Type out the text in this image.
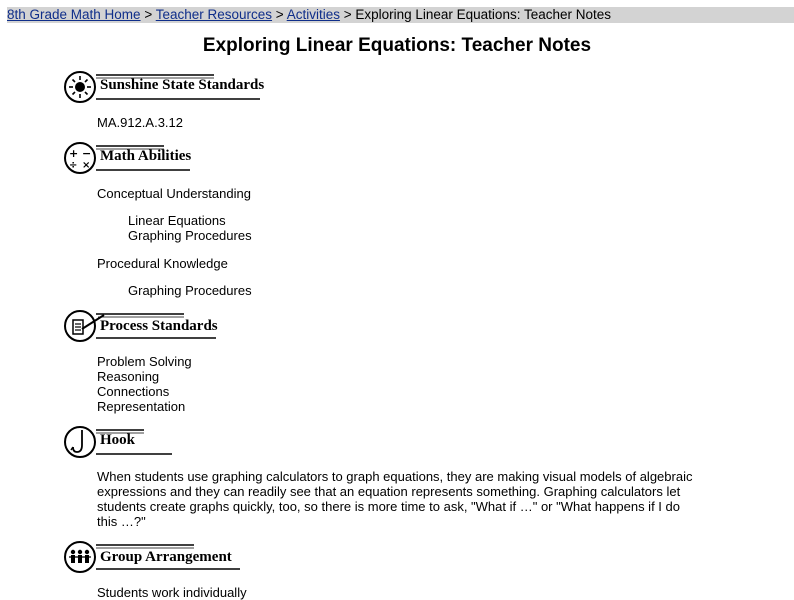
8th Grade Math Home > Teacher Resources > Activities > Exploring Linear Equations: Teacher Notes
Exploring Linear Equations: Teacher Notes
Sunshine State Standards
MA.912.A.3.12
+ −
÷ ×
Math Abilities
Conceptual Understanding
Linear Equations
Graphing Procedures
Procedural Knowledge
Graphing Procedures
Process Standards
Problem Solving
Reasoning
Connections
Representation
Hook
When students use graphing calculators to graph equations, they are making visual models of algebraic expressions and they can readily see that an equation represents something. Graphing calculators let students create graphs quickly, too, so there is more time to ask, "What if …" or "What happens if I do this …?"
Group Arrangement
Students work individually
